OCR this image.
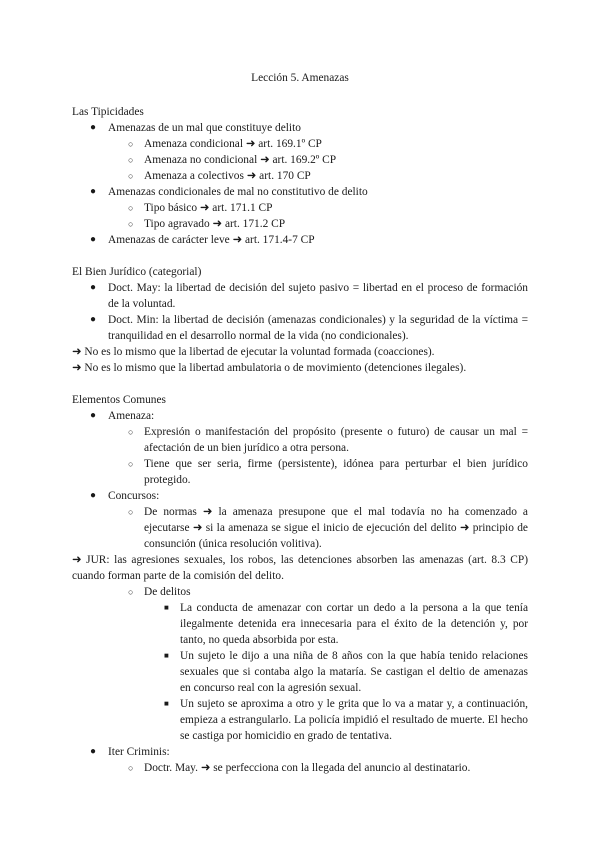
Lección 5. Amenazas
Las Tipicidades
● Amenazas de un mal que constituye delito
○ Amenaza condicional ➜ art. 169.1º CP
○ Amenaza no condicional ➜ art. 169.2º CP
○ Amenaza a colectivos ➜ art. 170 CP
● Amenazas condicionales de mal no constitutivo de delito
○ Tipo básico ➜ art. 171.1 CP
○ Tipo agravado ➜ art. 171.2 CP
● Amenazas de carácter leve ➜ art. 171.4-7 CP
El Bien Jurídico (categorial)
● Doct. May: la libertad de decisión del sujeto pasivo = libertad en el proceso de formación de la voluntad.
● Doct. Min: la libertad de decisión (amenazas condicionales) y la seguridad de la víctima = tranquilidad en el desarrollo normal de la vida (no condicionales).
➜ No es lo mismo que la libertad de ejecutar la voluntad formada (coacciones).
➜ No es lo mismo que la libertad ambulatoria o de movimiento (detenciones ilegales).
Elementos Comunes
● Amenaza:
○ Expresión o manifestación del propósito (presente o futuro) de causar un mal = afectación de un bien jurídico a otra persona.
○ Tiene que ser seria, firme (persistente), idónea para perturbar el bien jurídico protegido.
● Concursos:
○ De normas ➜ la amenaza presupone que el mal todavía no ha comenzado a ejecutarse ➜ si la amenaza se sigue el inicio de ejecución del delito ➜ principio de consunción (única resolución volitiva).
➜ JUR: las agresiones sexuales, los robos, las detenciones absorben las amenazas (art. 8.3 CP) cuando forman parte de la comisión del delito.
○ De delitos
■ La conducta de amenazar con cortar un dedo a la persona a la que tenía ilegalmente detenida era innecesaria para el éxito de la detención y, por tanto, no queda absorbida por esta.
■ Un sujeto le dijo a una niña de 8 años con la que había tenido relaciones sexuales que si contaba algo la mataría. Se castigan el deltio de amenazas en concurso real con la agresión sexual.
■ Un sujeto se aproxima a otro y le grita que lo va a matar y, a continuación, empieza a estrangularlo. La policía impidió el resultado de muerte. El hecho se castiga por homicidio en grado de tentativa.
● Iter Criminis:
○ Doctr. May. ➜ se perfecciona con la llegada del anuncio al destinatario.
